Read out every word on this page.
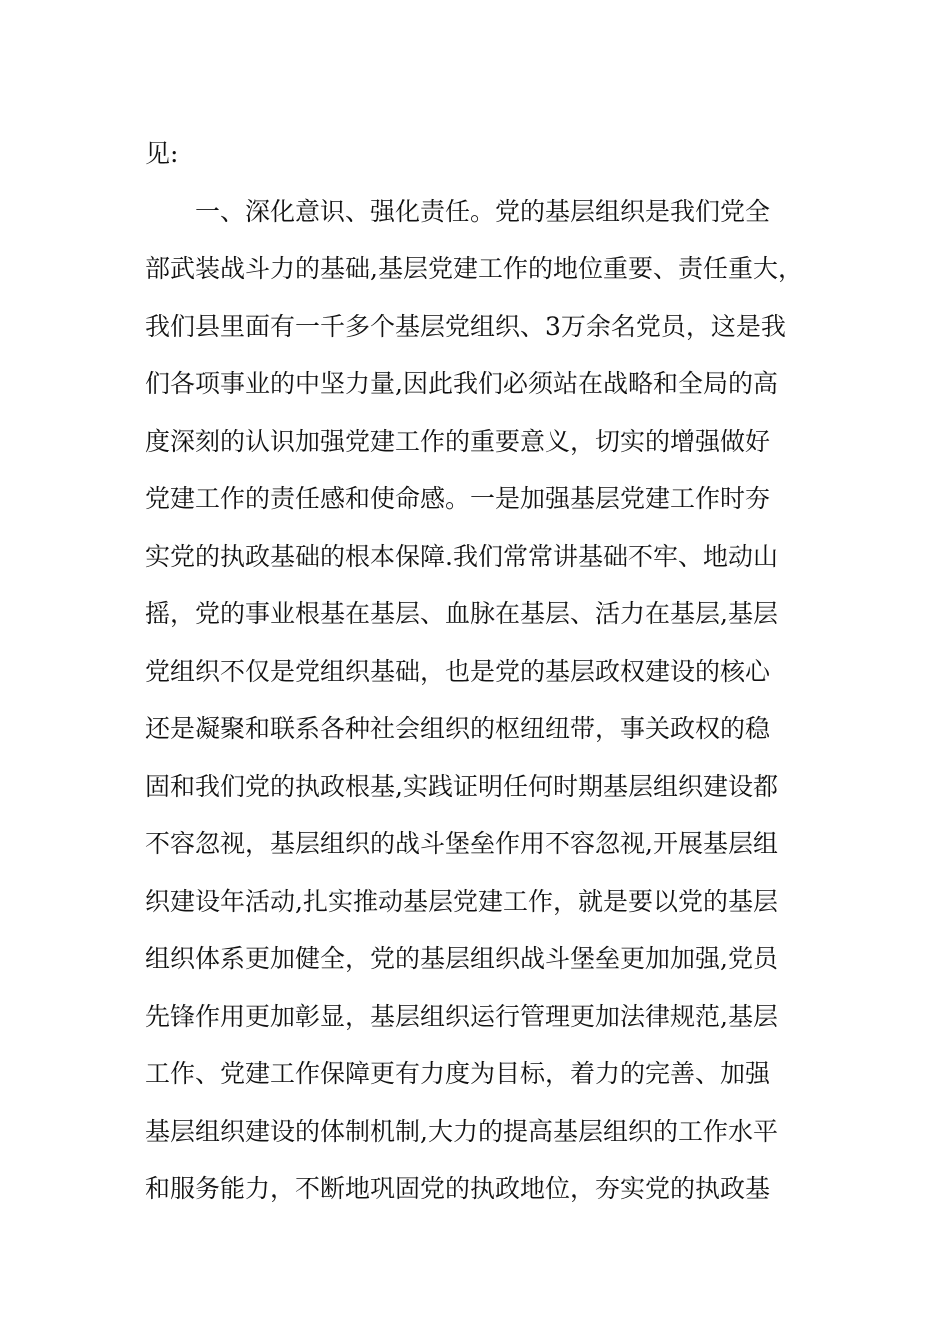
见:
　　一、深化意识、强化责任。党的基层组织是我们党全
部武装战斗力的基础,基层党建工作的地位重要、责任重大，
我们县里面有一千多个基层党组织、3万余名党员，这是我
们各项事业的中坚力量,因此我们必须站在战略和全局的高
度深刻的认识加强党建工作的重要意义，切实的增强做好
党建工作的责任感和使命感。一是加强基层党建工作时夯
实党的执政基础的根本保障.我们常常讲基础不牢、地动山
摇，党的事业根基在基层、血脉在基层、活力在基层,基层
党组织不仅是党组织基础，也是党的基层政权建设的核心
还是凝聚和联系各种社会组织的枢纽纽带，事关政权的稳
固和我们党的执政根基,实践证明任何时期基层组织建设都
不容忽视，基层组织的战斗堡垒作用不容忽视,开展基层组
织建设年活动,扎实推动基层党建工作，就是要以党的基层
组织体系更加健全，党的基层组织战斗堡垒更加加强,党员
先锋作用更加彰显，基层组织运行管理更加法律规范,基层
工作、党建工作保障更有力度为目标，着力的完善、加强
基层组织建设的体制机制,大力的提高基层组织的工作水平
和服务能力，不断地巩固党的执政地位，夯实党的执政基
